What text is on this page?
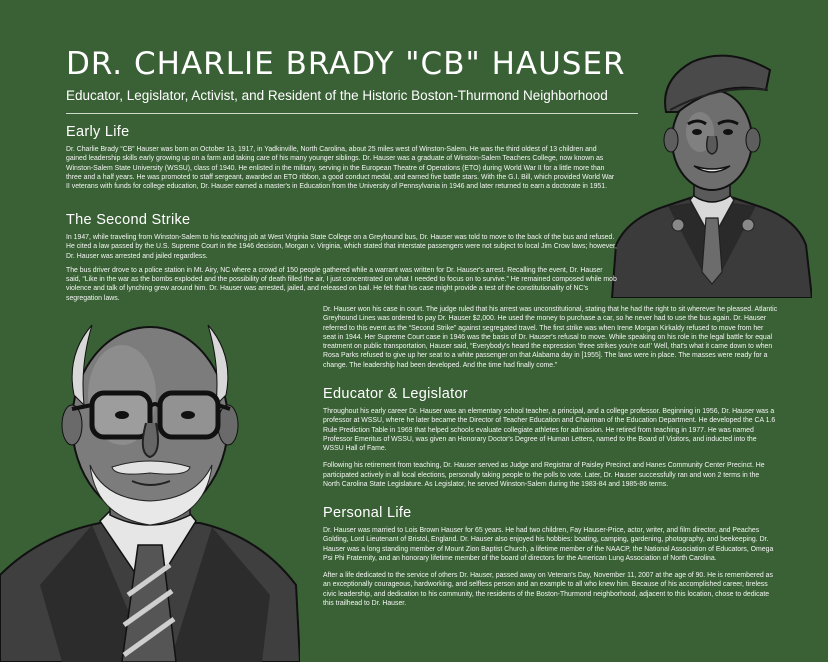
DR. CHARLIE BRADY "CB" HAUSER
Educator, Legislator, Activist, and Resident of the Historic Boston-Thurmond Neighborhood
Early Life

Dr. Charlie Brady “CB” Hauser was born on October 13, 1917, in Yadkinville, North Carolina, about 25 miles west of Winston-Salem. He was the third oldest of 13 children and gained leadership skills early growing up on a farm and taking care of his many younger siblings. Dr. Hauser was a graduate of Winston-Salem Teachers College, now known as Winston-Salem State University (WSSU), class of 1940. He enlisted in the military, serving in the European Theatre of Operations (ETO) during World War II for a little more than three and a half years. He was promoted to staff sergeant, awarded an ETO ribbon, a good conduct medal, and earned five battle stars. With the G.I. Bill, which provided World War II veterans with funds for college education, Dr. Hauser earned a master's in Education from the University of Pennsylvania in 1946 and later returned to earn a doctorate in 1951.

The Second Strike

In 1947, while traveling from Winston-Salem to his teaching job at West Virginia State College on a Greyhound bus, Dr. Hauser was told to move to the back of the bus and refused. He cited a law passed by the U.S. Supreme Court in the 1946 decision, Morgan v. Virginia, which stated that interstate passengers were not subject to local Jim Crow laws; however, Dr. Hauser was arrested and jailed regardless.

The bus driver drove to a police station in Mt. Airy, NC where a crowd of 150 people gathered while a warrant was written for Dr. Hauser's arrest. Recalling the event, Dr. Hauser said, “Like in the war as the bombs exploded and the possibility of death filled the air, I just concentrated on what I needed to focus on to survive.” He remained composed while mob violence and talk of lynching grew around him. Dr. Hauser was arrested, jailed, and released on bail. He felt that his case might provide a test of the constitutionality of NC's segregation laws.

Dr. Hauser won his case in court. The judge ruled that his arrest was unconstitutional, stating that he had the right to sit wherever he pleased. Atlantic Greyhound Lines was ordered to pay Dr. Hauser $2,000. He used the money to purchase a car, so he never had to use the bus again. Dr. Hauser referred to this event as the “Second Strike” against segregated travel. The first strike was when Irene Morgan Kirkaldy refused to move from her seat in 1944. Her Supreme Court case in 1946 was the basis of Dr. Hauser's refusal to move. While speaking on his role in the legal battle for equal treatment on public transportation, Hauser said, “Everybody's heard the expression 'three strikes you're out!' Well, that's what it came down to when Rosa Parks refused to give up her seat to a white passenger on that Alabama day in [1955]. The laws were in place. The masses were ready for a change. The leadership had been developed. And the time had finally come.”

Educator & Legislator

Throughout his early career Dr. Hauser was an elementary school teacher, a principal, and a college professor. Beginning in 1956, Dr. Hauser was a professor at WSSU, where he later became the Director of Teacher Education and Chairman of the Education Department. He developed the CA 1.6 Rule Prediction Table in 1969 that helped schools evaluate collegiate athletes for admission. He retired from teaching in 1977. He was named Professor Emeritus of WSSU, was given an Honorary Doctor's Degree of Human Letters, named to the Board of Visitors, and inducted into the WSSU Hall of Fame.

Following his retirement from teaching, Dr. Hauser served as Judge and Registrar of Paisley Precinct and Hanes Community Center Precinct. He participated actively in all local elections, personally taking people to the polls to vote. Later, Dr. Hauser successfully ran and won 2 terms in the North Carolina State Legislature. As Legislator, he served Winston-Salem during the 1983-84 and 1985-86 terms.

Personal Life

Dr. Hauser was married to Lois Brown Hauser for 65 years. He had two children, Fay Hauser-Price, actor, writer, and film director, and Peaches Golding, Lord Lieutenant of Bristol, England. Dr. Hauser also enjoyed his hobbies: boating, camping, gardening, photography, and beekeeping. Dr. Hauser was a long standing member of Mount Zion Baptist Church, a lifetime member of the NAACP, the National Association of Educators, Omega Psi Phi Fraternity, and an honorary lifetime member of the board of directors for the American Lung Association of North Carolina.

After a life dedicated to the service of others Dr. Hauser, passed away on Veteran's Day, November 11, 2007 at the age of 90. He is remembered as an exceptionally courageous, hardworking, and selfless person and an example to all who knew him. Because of his accomplished career, tireless civic leadership, and dedication to his community, the residents of the Boston-Thurmond neighborhood, adjacent to this location, chose to dedicate this trailhead to Dr. Hauser.
